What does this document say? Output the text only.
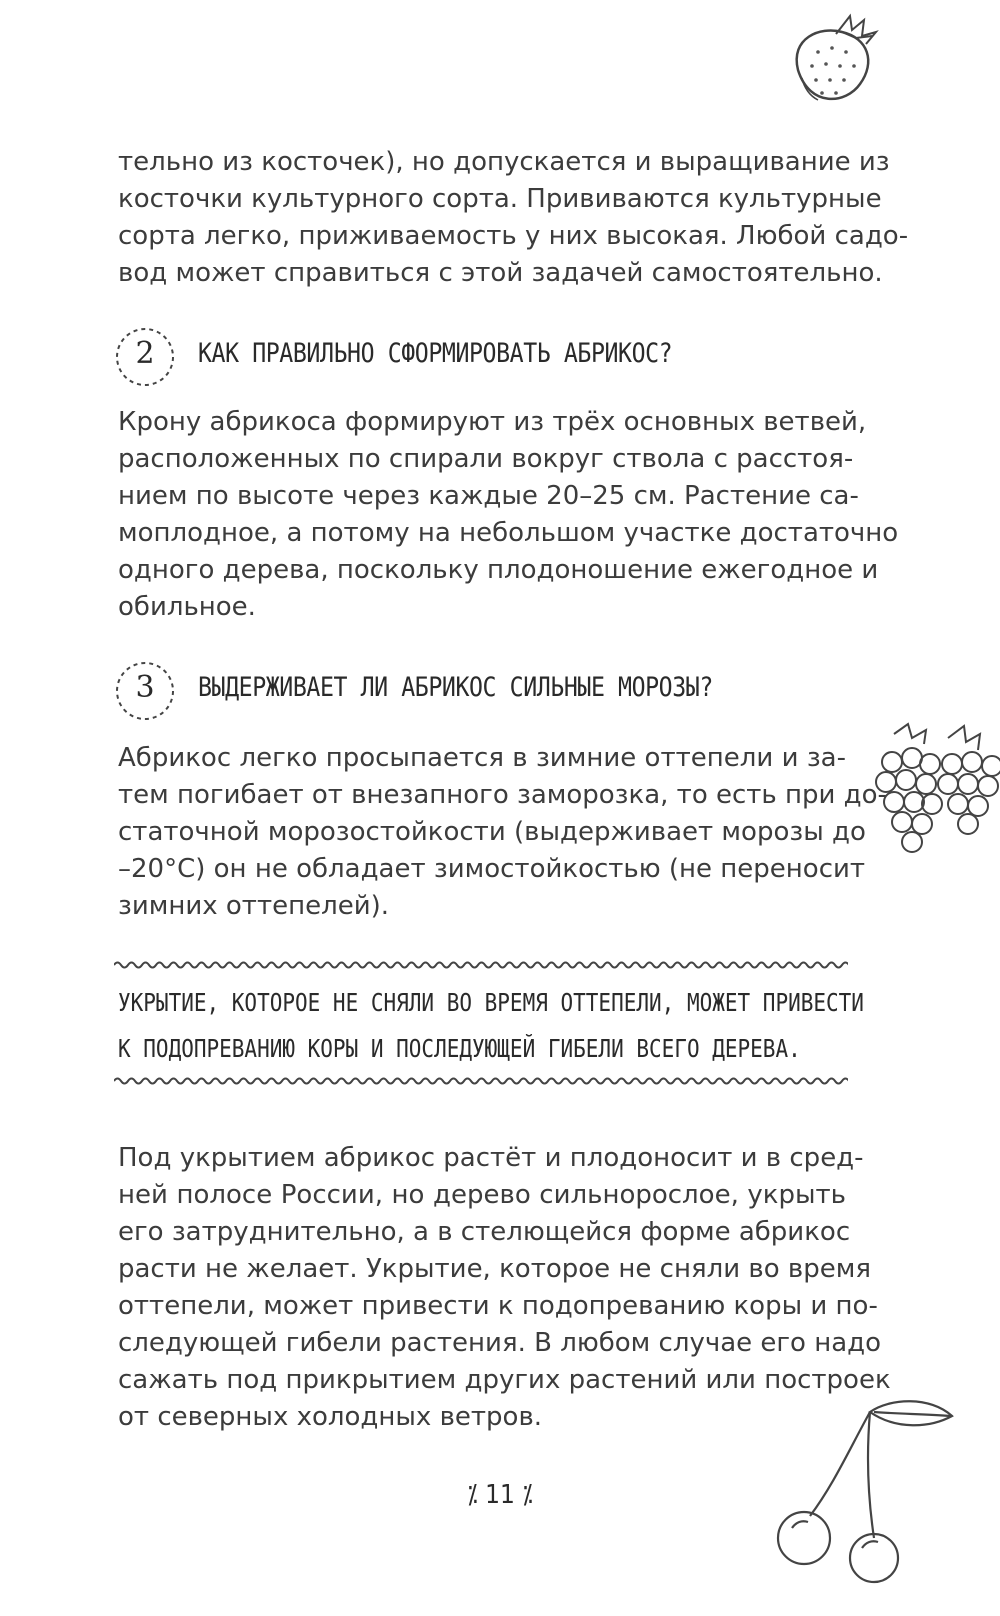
тельно из косточек), но допускается и выращивание из
косточки культурного сорта. Прививаются культурные
сорта легко, приживаемость у них высокая. Любой садо-
вод может справиться с этой задачей самостоятельно.
2	КАК ПРАВИЛЬНО СФОРМИРОВАТЬ АБРИКОС?
Крону абрикоса формируют из трёх основных ветвей,
расположенных по спирали вокруг ствола с расстоя-
нием по высоте через каждые 20–25 см. Растение са-
моплодное, а потому на небольшом участке достаточно
одного дерева, поскольку плодоношение ежегодное и
обильное.
3	ВЫДЕРЖИВАЕТ ЛИ АБРИКОС СИЛЬНЫЕ МОРОЗЫ?
Абрикос легко просыпается в зимние оттепели и за-
тем погибает от внезапного заморозка, то есть при до-
статочной морозостойкости (выдерживает морозы до
–20°С) он не обладает зимостойкостью (не переносит
зимних оттепелей).
УКРЫТИЕ, КОТОРОЕ НЕ СНЯЛИ ВО ВРЕМЯ ОТТЕПЕЛИ, МОЖЕТ ПРИВЕСТИ
К ПОДОПРЕВАНИЮ КОРЫ И ПОСЛЕДУЮЩЕЙ ГИБЕЛИ ВСЕГО ДЕРЕВА.
Под укрытием абрикос растёт и плодоносит и в сред-
ней полосе России, но дерево сильнорослое, укрыть
его затруднительно, а в стелющейся форме абрикос
расти не желает. Укрытие, которое не сняли во время
оттепели, может привести к подопреванию коры и по-
следующей гибели растения. В любом случае его надо
сажать под прикрытием других растений или построек
от северных холодных ветров.
⁒ 11 ⁒
